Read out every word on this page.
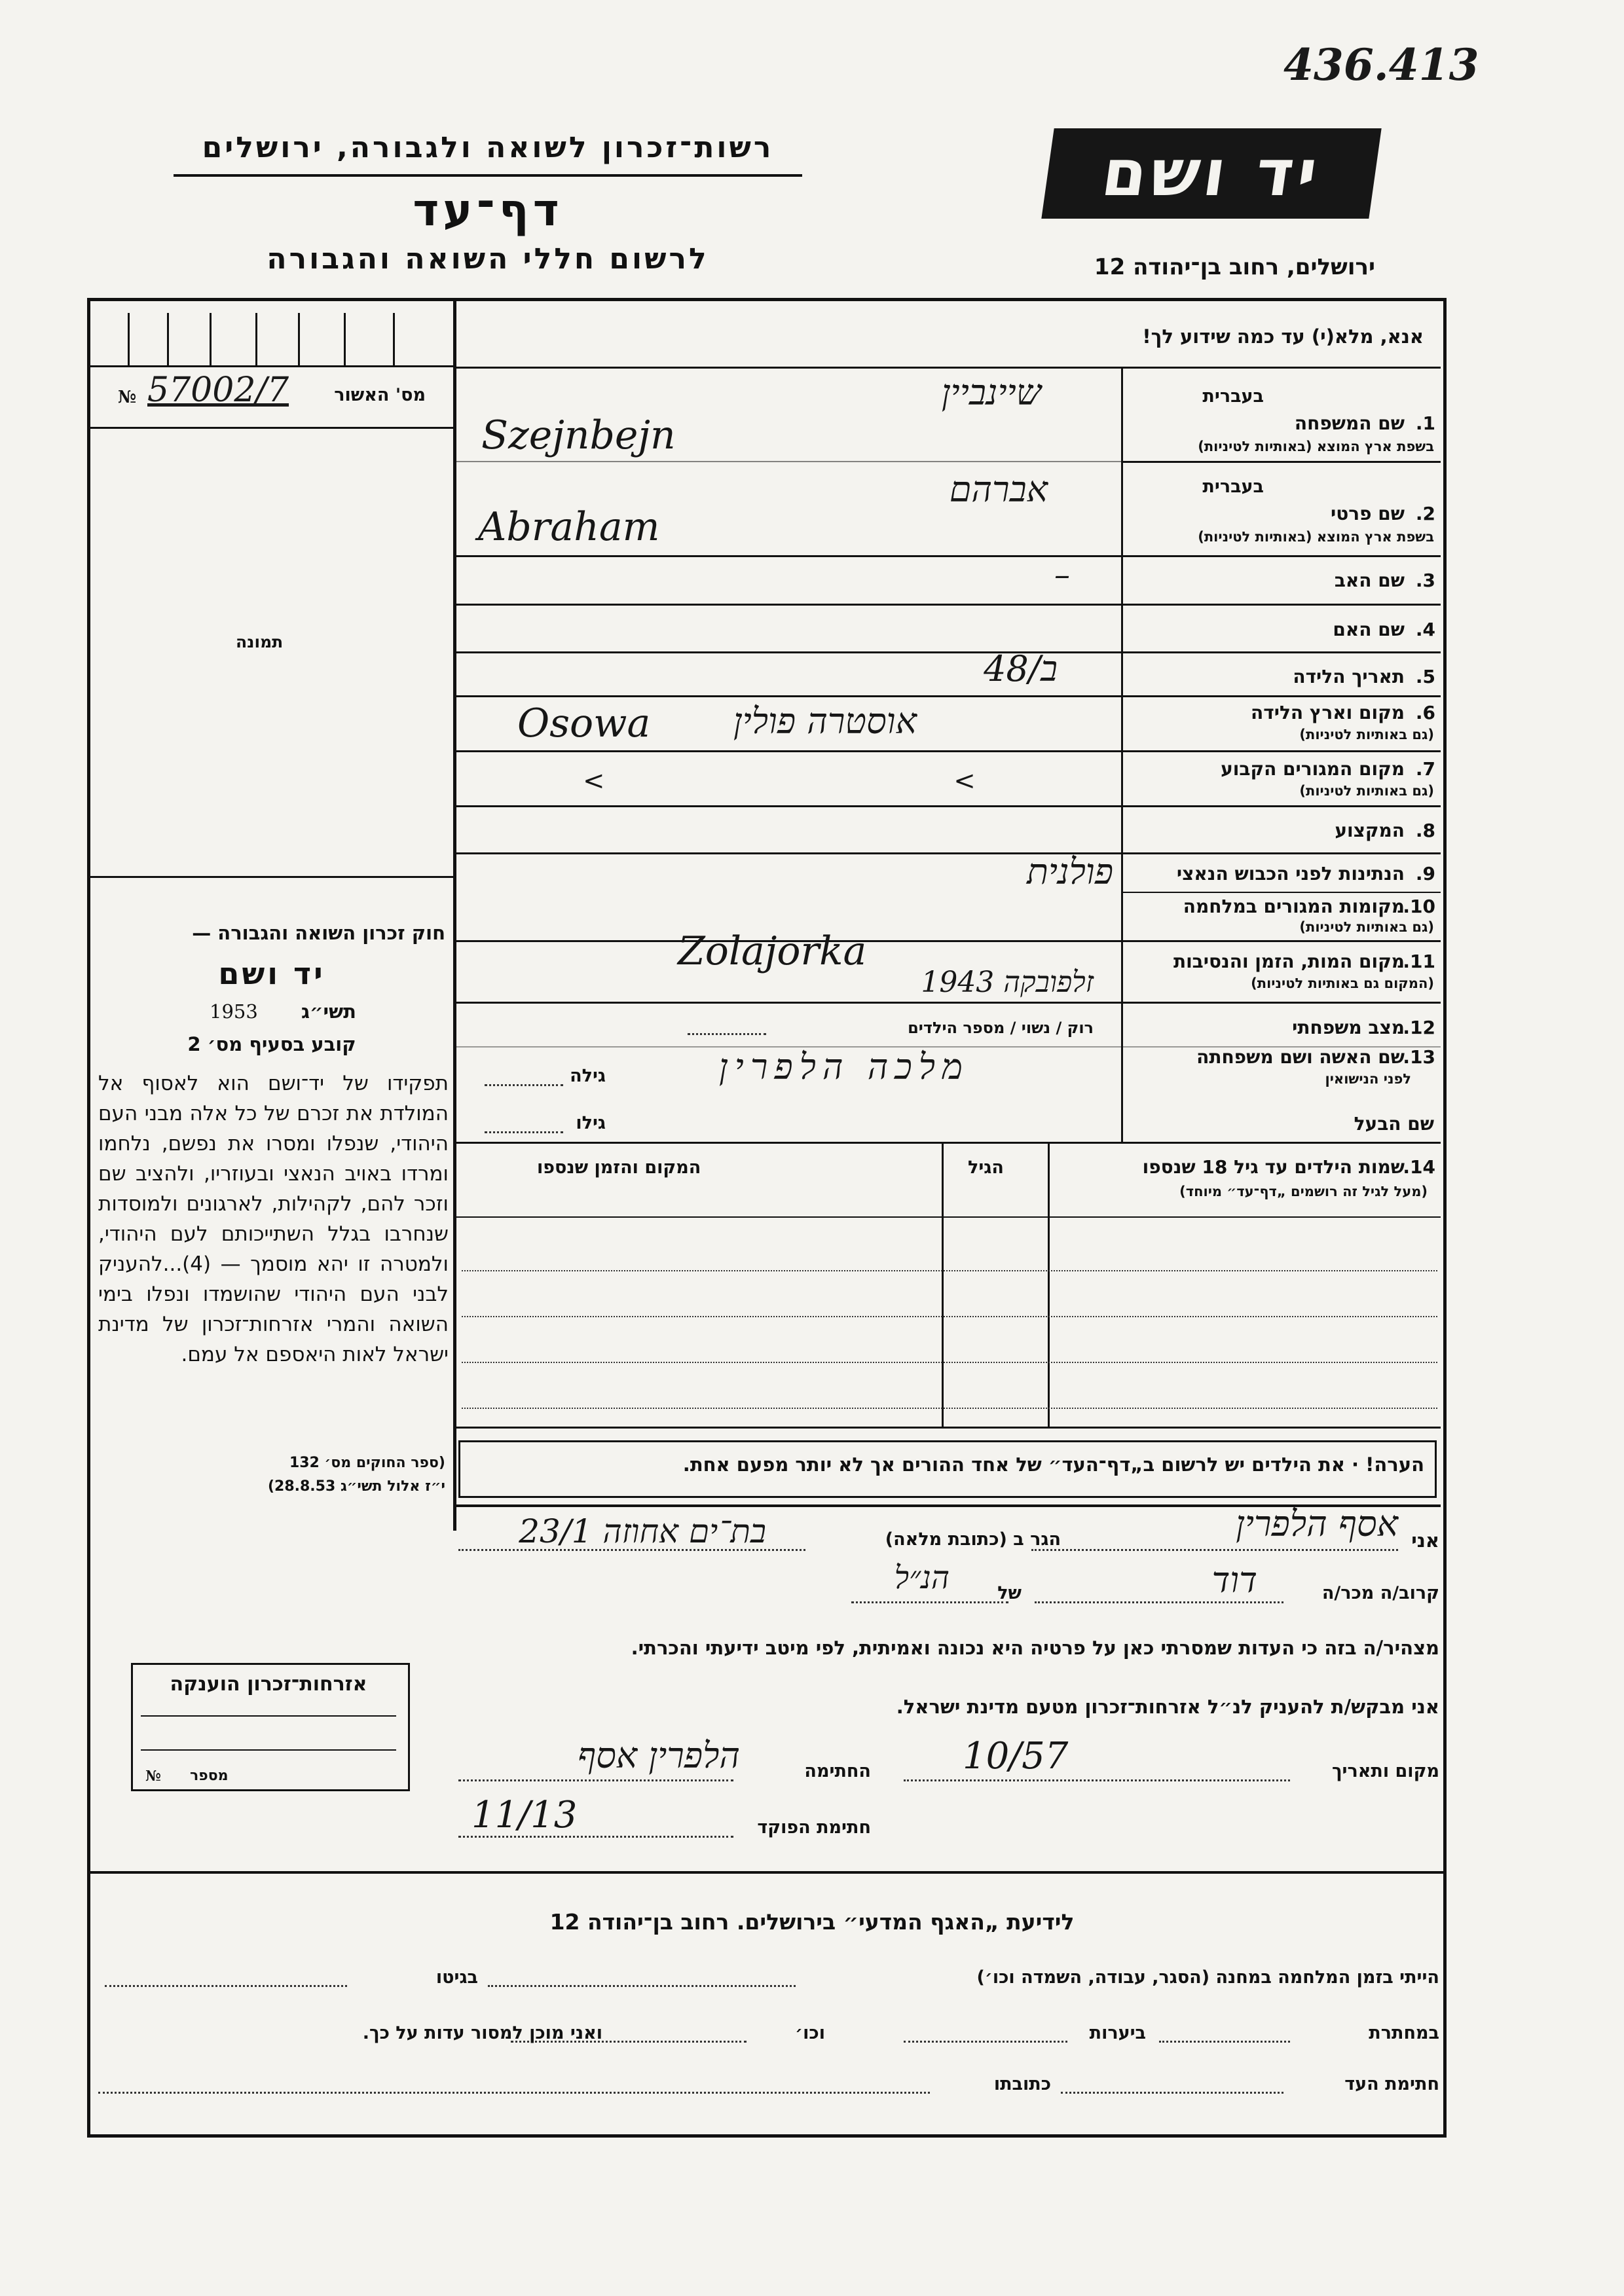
436.413
רשות־זכרון לשואה ולגבורה, ירושלים
דף־עד
לרשום חללי השואה והגבורה
יד ושם
ירושלים, רחוב בן־יהודה 12
מס' האשור
№ 57002/7
תמונה
חוק זכרון השואה והגבורה —
יד ושם
1953 תשי״ג
קובע בסעיף מס׳ 2
תפקידו של יד־ושם הוא לאסוף אל המולדת את זכרם של כל אלה מבני העם היהודי, שנפלו ומסרו את נפשם, נלחמו ומרדו באויב הנאצי ובעוזריו, ולהציב שם וזכר להם, לקהילות, לארגונים ולמוסדות שנחרבו בגלל השתייכותם לעם היהודי, ולמטרה זו יהא מוסמך — (4)...להעניק לבני העם היהודי שהושמדו ונפלו בימי השואה והמרי אזרחות־זכרון של מדינת ישראל לאות היאספם אל עמם.
(ספר החוקים מס׳ 132
י״ז אלול תשי״ג 28.8.53)
אזרחות־זכרון הוענקה
מספר
№
אנא, מלא(י) עד כמה שידוע לך!
בעברית
1.
שם המשפחה
בשפת ארץ המוצא (באותיות לטיניות)
שיינביין
Szejnbejn
בעברית
2.
שם פרטי
בשפת ארץ המוצא (באותיות לטיניות)
אברהם
Abraham
3.
שם האב
–
4.
שם האם
5.
תאריך הלידה
ב/48
6.
מקום וארץ הלידה
(גם באותיות לטיניות)
אוסטרה פולין
Osowa
7.
מקום המגורים הקבוע
(גם באותיות לטיניות)
< <
8.
המקצוע
9.
הנתינות לפני הכבוש הנאצי
פולנית
10.
מקומות המגורים במלחמה
(גם באותיות לטיניות)
11.
מקום המות, הזמן והנסיבות
(המקום גם באותיות לטיניות)
Zolajorka
זלפובקה 1943
12.
מצב משפחתי
רוק / נשוי / מספר הילדים
13.
שם האשה ושם משפחתה
לפני הנישואין
מלכה הלפרין
גילה
שם הבעל
גילו
14.
שמות הילדים עד גיל 18 שנספו
(מעל לגיל זה רושמים „דף־עד״ מיוחד)
הגיל
המקום והזמן שנספו
הערה! · את הילדים יש לרשום ב„דף־העד״ של אחד ההורים אך לא יותר מפעם אחת.
אני
אסף הלפרין
הגר ב (כתובת מלאה)
בת־ים אחוזה 23/1
קרוב/ה מכר/ה
דוד
של
הנ״ל
מצהיר/ה בזה כי העדות שמסרתי כאן על פרטיה היא נכונה ואמיתית, לפי מיטב ידיעתי והכרתי.
אני מבקש/ת להעניק לנ״ל אזרחות־זכרון מטעם מדינת ישראל.
מקום ותאריך
10/57
החתימה
הלפרין אסף
חתימת הפוקד
11/13
לידיעת „האגף המדעי״ בירושלים. רחוב בן־יהודה 12
הייתי בזמן המלחמה במחנה (הסגר, עבודה, השמדה וכו׳)
בגיטו
במחתרת
ביערות
וכו׳
ואני מוכן למסור עדות על כך.
חתימת העד
כתובתו
